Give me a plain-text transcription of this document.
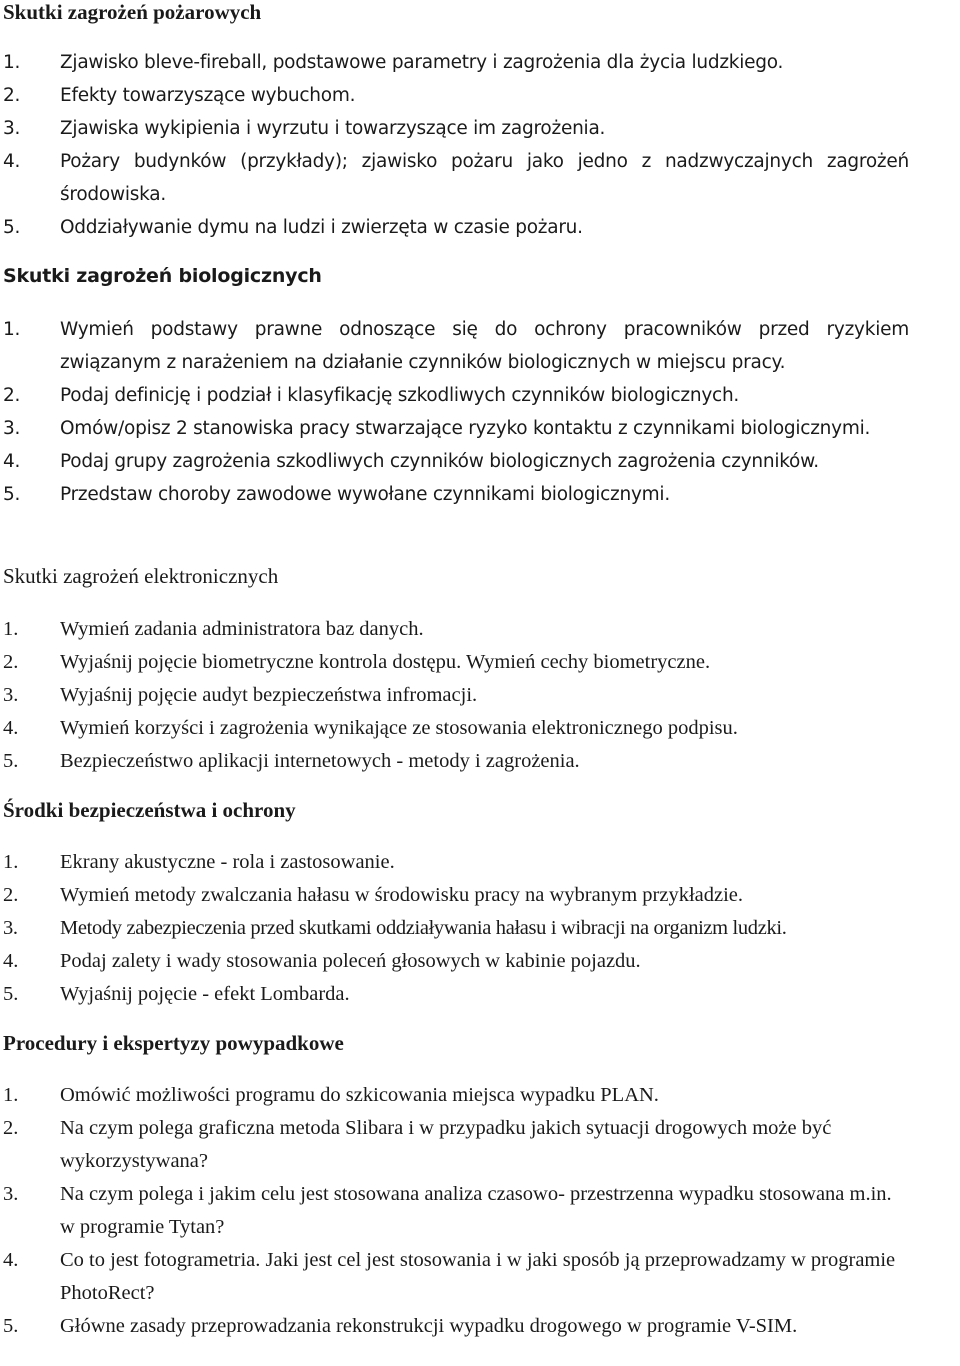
Skutki zagrożeń pożarowych
1. Zjawisko bleve-fireball, podstawowe parametry i zagrożenia dla życia ludzkiego.
2. Efekty towarzyszące wybuchom.
3. Zjawiska wykipienia i wyrzutu i towarzyszące im zagrożenia.
4. Pożary budynków (przykłady); zjawisko pożaru jako jedno z nadzwyczajnych zagrożeń środowiska.
5. Oddziaływanie dymu na ludzi i zwierzęta w czasie pożaru.
Skutki zagrożeń biologicznych
1. Wymień podstawy prawne odnoszące się do ochrony pracowników przed ryzykiem związanym z narażeniem na działanie czynników biologicznych w miejscu pracy.
2. Podaj definicję i podział i klasyfikację szkodliwych czynników biologicznych.
3. Omów/opisz 2 stanowiska pracy stwarzające ryzyko kontaktu z czynnikami biologicznymi.
4. Podaj grupy zagrożenia szkodliwych czynników biologicznych zagrożenia czynników.
5. Przedstaw choroby zawodowe wywołane czynnikami biologicznymi.
Skutki zagrożeń elektronicznych
1. Wymień zadania administratora baz danych.
2. Wyjaśnij pojęcie biometryczne kontrola dostępu. Wymień cechy biometryczne.
3. Wyjaśnij pojęcie audyt bezpieczeństwa infromacji.
4. Wymień korzyści i zagrożenia wynikające ze stosowania elektronicznego podpisu.
5. Bezpieczeństwo aplikacji internetowych - metody i zagrożenia.
Środki bezpieczeństwa i ochrony
1. Ekrany akustyczne - rola i zastosowanie.
2. Wymień metody zwalczania hałasu w środowisku pracy na wybranym przykładzie.
3. Metody zabezpieczenia przed skutkami oddziaływania hałasu i wibracji na organizm ludzki.
4. Podaj zalety i wady stosowania poleceń głosowych w kabinie pojazdu.
5. Wyjaśnij pojęcie - efekt Lombarda.
Procedury i ekspertyzy powypadkowe
1. Omówić możliwości programu do szkicowania miejsca wypadku PLAN.
2. Na czym polega graficzna metoda Slibara i w przypadku jakich sytuacji drogowych może być wykorzystywana?
3. Na czym polega i jakim celu jest stosowana analiza czasowo- przestrzenna wypadku stosowana m.in. w programie Tytan?
4. Co to jest fotogrametria. Jaki jest cel jest stosowania i w jaki sposób ją przeprowadzamy w programie PhotoRect?
5. Główne zasady przeprowadzania rekonstrukcji wypadku drogowego w programie V-SIM.
